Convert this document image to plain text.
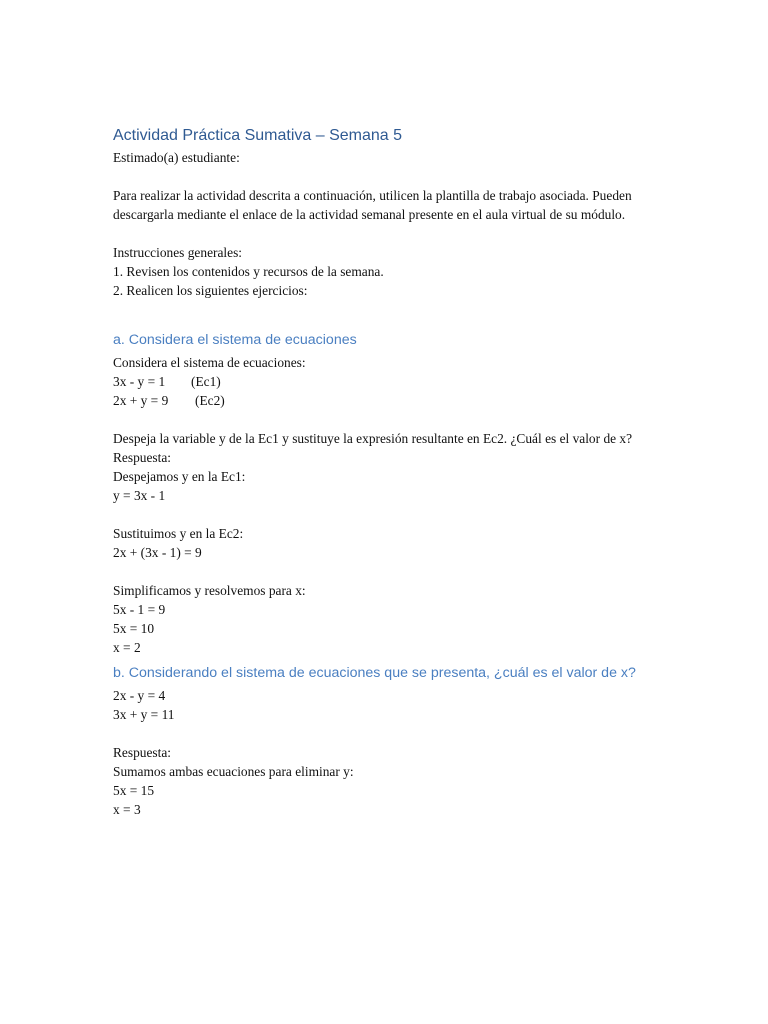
Actividad Práctica Sumativa – Semana 5
Estimado(a) estudiante:
Para realizar la actividad descrita a continuación, utilicen la plantilla de trabajo asociada. Pueden descargarla mediante el enlace de la actividad semanal presente en el aula virtual de su módulo.
Instrucciones generales:
1. Revisen los contenidos y recursos de la semana.
2. Realicen los siguientes ejercicios:
a. Considera el sistema de ecuaciones
Considera el sistema de ecuaciones:
3x - y = 1 (Ec1)
2x + y = 9 (Ec2)
Despeja la variable y de la Ec1 y sustituye la expresión resultante en Ec2. ¿Cuál es el valor de x?
Respuesta:
Despejamos y en la Ec1:
y = 3x - 1
Sustituimos y en la Ec2:
2x + (3x - 1) = 9
Simplificamos y resolvemos para x:
5x - 1 = 9
5x = 10
x = 2
b. Considerando el sistema de ecuaciones que se presenta, ¿cuál es el valor de x?
2x - y = 4
3x + y = 11
Respuesta:
Sumamos ambas ecuaciones para eliminar y:
5x = 15
x = 3
